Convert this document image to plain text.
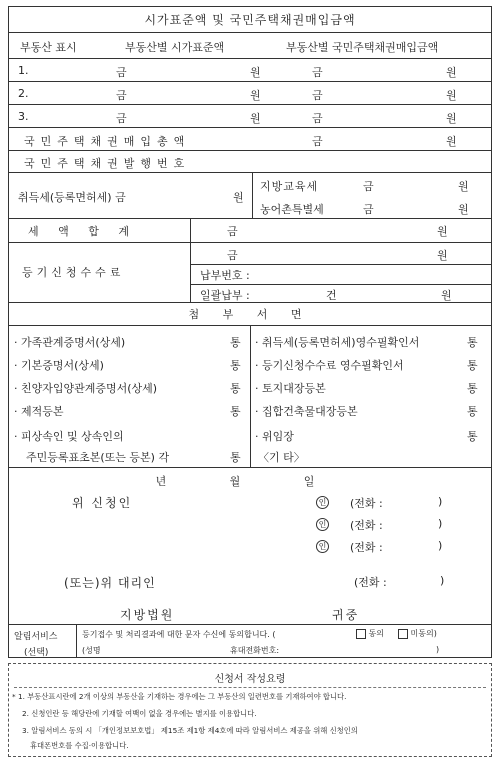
시가표준액 및 국민주택채권매입금액
부동산 표시	부동산별 시가표준액	부동산별 국민주택채권매입금액
1.	금	원	금	원
2.	금	원	금	원
3.	금	원	금	원
국민주택채권매입총액	금	원
국민주택채권발행번호
취득세(등록면허세) 금	원
지방교육세	금	원
농어촌특별세	금	원
세 액 합 계	금	원
등기신청수수료
금	원
납부번호 :
일괄납부 :	건	원
첨 부 서 면
· 가족관계증명서(상세)	통
· 기본증명서(상세)	통
· 친양자입양관계증명서(상세)	통
· 제적등본	통
· 피상속인 및 상속인의
주민등록표초본(또는 등본) 각	통
· 취득세(등록면허세)영수필확인서	통
· 등기신청수수료 영수필확인서	통
· 토지대장등본	통
· 집합건축물대장등본	통
· 위임장	통
〈기 타〉
년 월 일
위 신청인	인 (전화 :	)
인 (전화 :	)
인 (전화 :	)
(또는)위 대리인	(전화 :	)
지방법원	귀중
알림서비스
(선택)
등기접수 및 처리결과에 대한 문자 수신에 동의합니다. (	동의	미동의)
(성명	휴대전화번호:	)
신청서 작성요령
* 1. 부동산표시란에 2개 이상의 부동산을 기재하는 경우에는 그 부동산의 일련번호를 기재하여야 합니다.
2. 신청인란 등 해당란에 기재할 여백이 없을 경우에는 별지를 이용합니다.
3. 알림서비스 동의 시 「개인정보보호법」 제15조 제1항 제4호에 따라 알림서비스 제공을 위해 신청인의
휴대폰번호를 수집·이용합니다.
